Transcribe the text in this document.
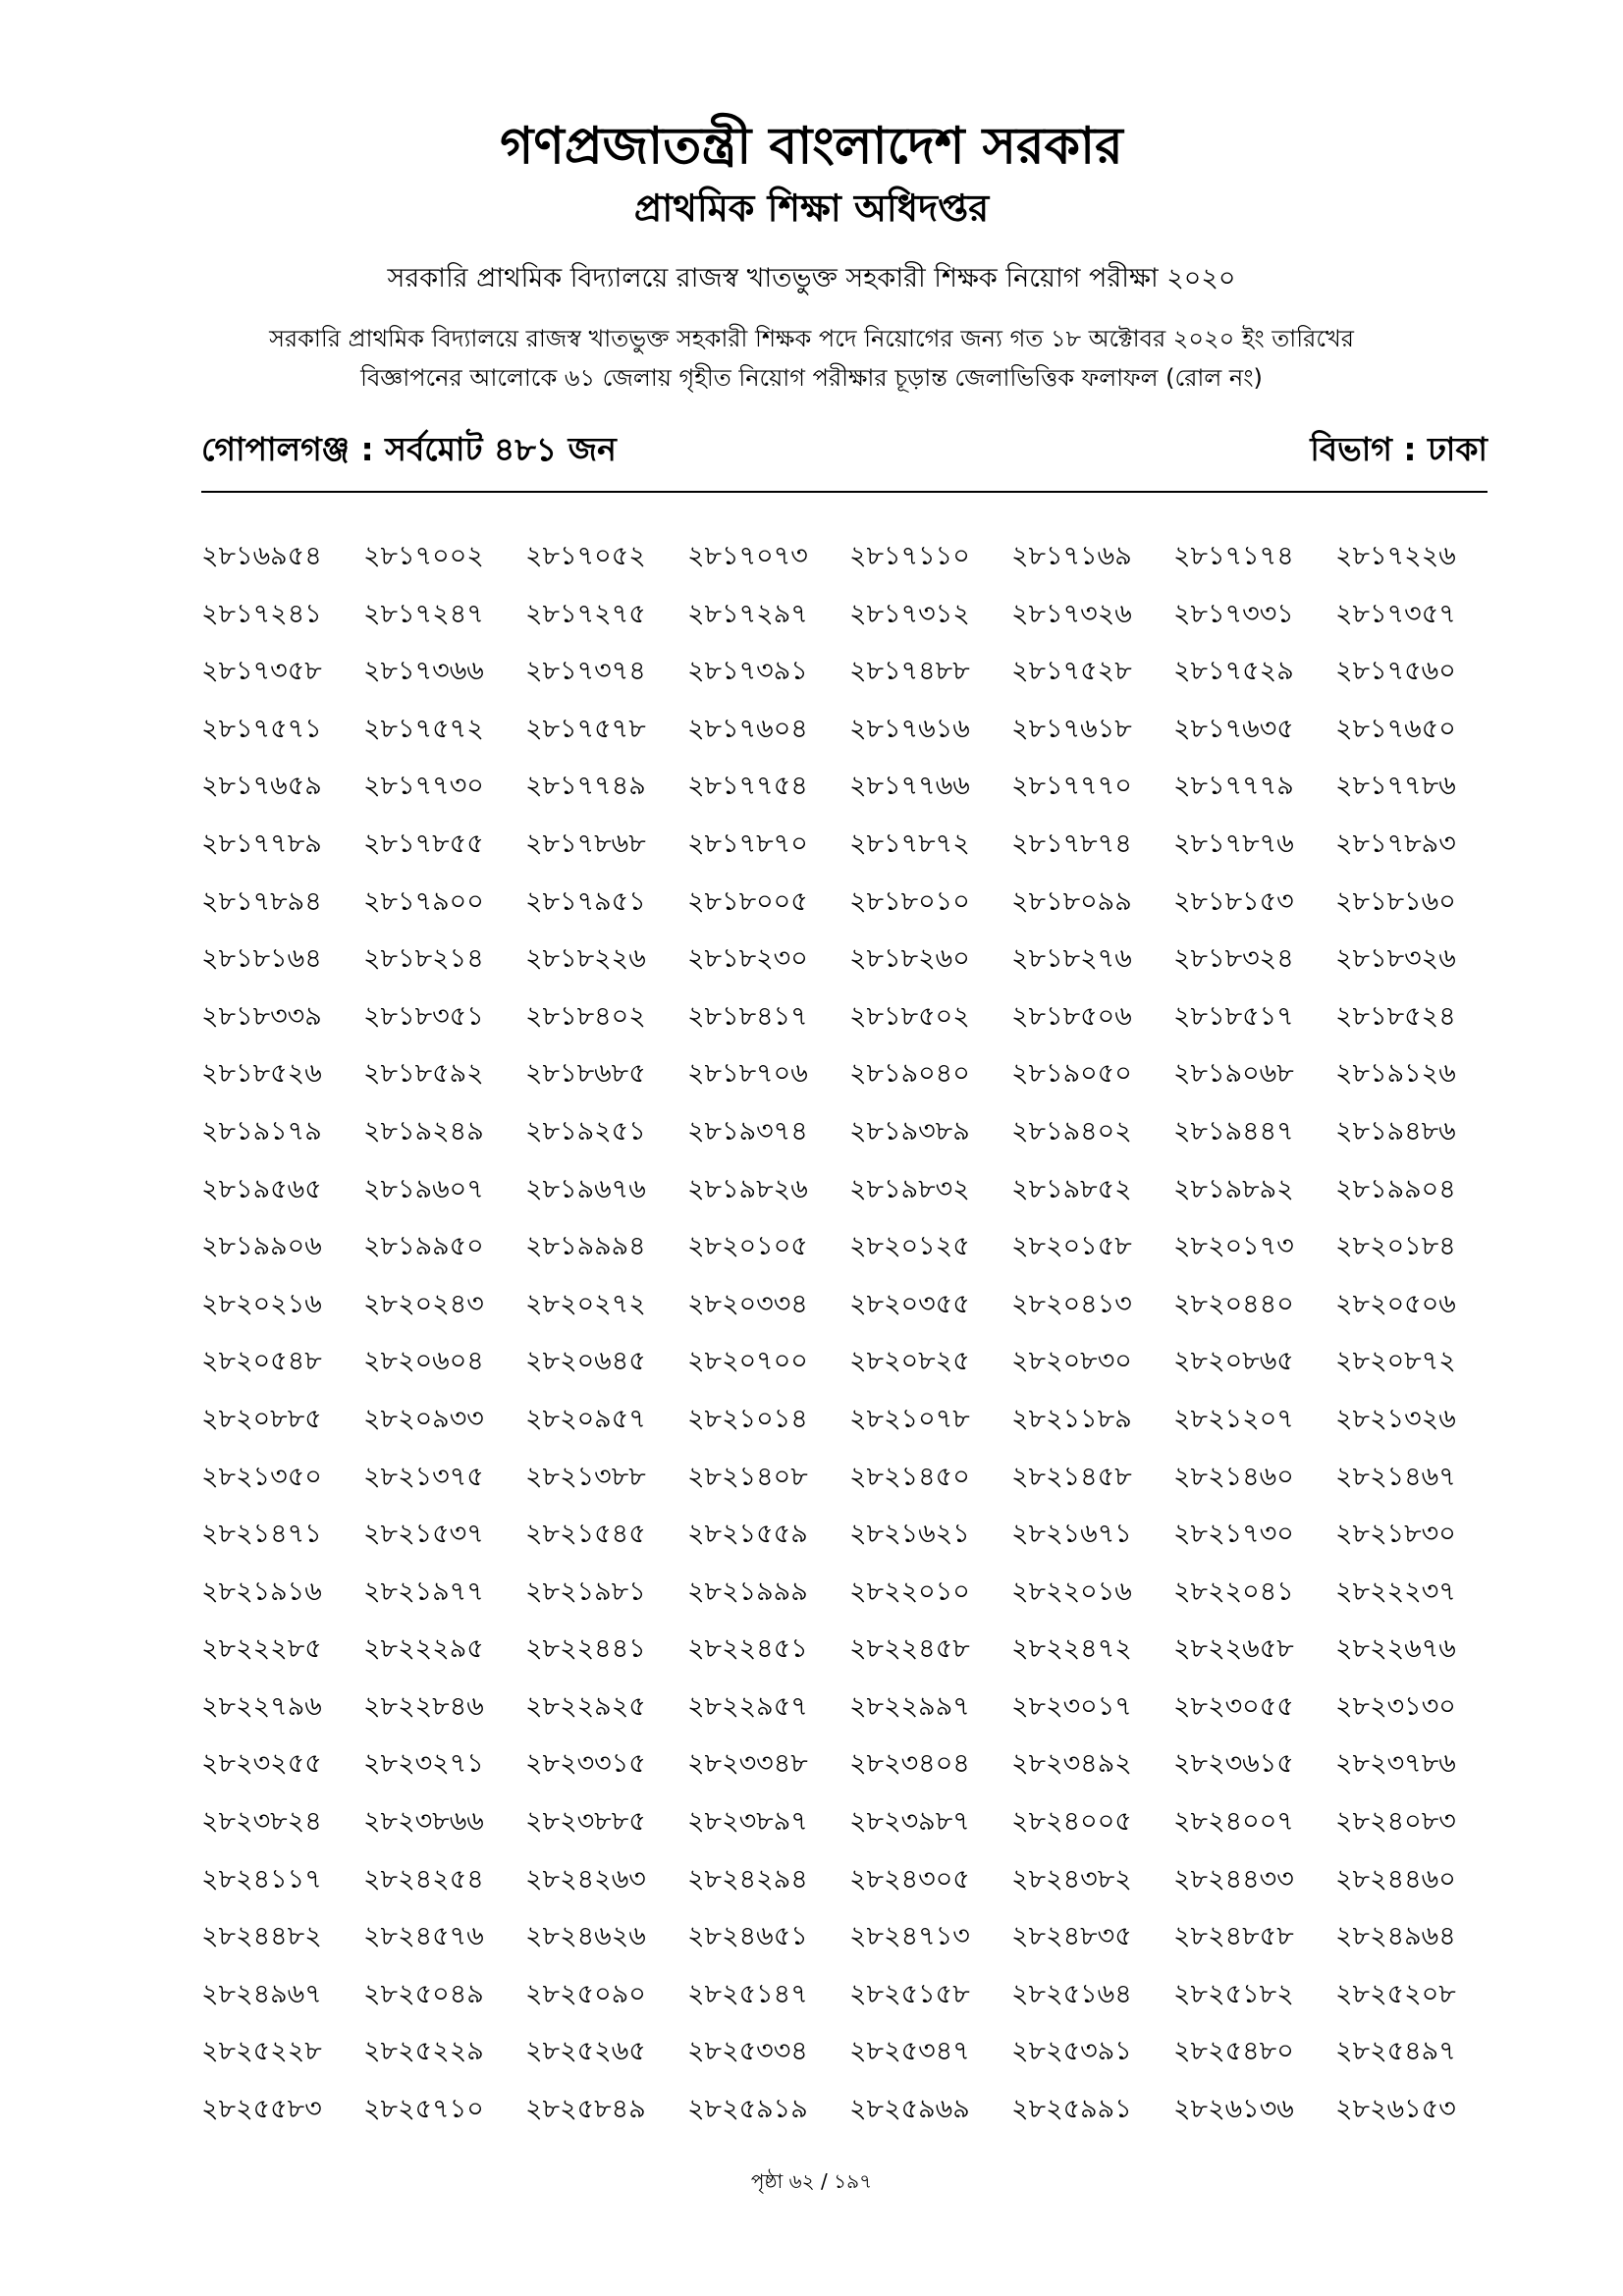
গণপ্রজাতন্ত্রী বাংলাদেশ সরকার
প্রাথমিক শিক্ষা অধিদপ্তর
সরকারি প্রাথমিক বিদ্যালয়ে রাজস্ব খাতভুক্ত সহকারী শিক্ষক নিয়োগ পরীক্ষা ২০২০
সরকারি প্রাথমিক বিদ্যালয়ে রাজস্ব খাতভুক্ত সহকারী শিক্ষক পদে নিয়োগের জন্য গত ১৮ অক্টোবর ২০২০ ইং তারিখের
বিজ্ঞাপনের আলোকে ৬১ জেলায় গৃহীত নিয়োগ পরীক্ষার চূড়ান্ত জেলাভিত্তিক ফলাফল (রোল নং)
গোপালগঞ্জ : সর্বমোট ৪৮১ জন	বিভাগ : ঢাকা
২৮১৬৯৫৪	২৮১৭০০২	২৮১৭০৫২	২৮১৭০৭৩	২৮১৭১১০	২৮১৭১৬৯	২৮১৭১৭৪	২৮১৭২২৬
২৮১৭২৪১	২৮১৭২৪৭	২৮১৭২৭৫	২৮১৭২৯৭	২৮১৭৩১২	২৮১৭৩২৬	২৮১৭৩৩১	২৮১৭৩৫৭
২৮১৭৩৫৮	২৮১৭৩৬৬	২৮১৭৩৭৪	২৮১৭৩৯১	২৮১৭৪৮৮	২৮১৭৫২৮	২৮১৭৫২৯	২৮১৭৫৬০
২৮১৭৫৭১	২৮১৭৫৭২	২৮১৭৫৭৮	২৮১৭৬০৪	২৮১৭৬১৬	২৮১৭৬১৮	২৮১৭৬৩৫	২৮১৭৬৫০
২৮১৭৬৫৯	২৮১৭৭৩০	২৮১৭৭৪৯	২৮১৭৭৫৪	২৮১৭৭৬৬	২৮১৭৭৭০	২৮১৭৭৭৯	২৮১৭৭৮৬
২৮১৭৭৮৯	২৮১৭৮৫৫	২৮১৭৮৬৮	২৮১৭৮৭০	২৮১৭৮৭২	২৮১৭৮৭৪	২৮১৭৮৭৬	২৮১৭৮৯৩
২৮১৭৮৯৪	২৮১৭৯০০	২৮১৭৯৫১	২৮১৮০০৫	২৮১৮০১০	২৮১৮০৯৯	২৮১৮১৫৩	২৮১৮১৬০
২৮১৮১৬৪	২৮১৮২১৪	২৮১৮২২৬	২৮১৮২৩০	২৮১৮২৬০	২৮১৮২৭৬	২৮১৮৩২৪	২৮১৮৩২৬
২৮১৮৩৩৯	২৮১৮৩৫১	২৮১৮৪০২	২৮১৮৪১৭	২৮১৮৫০২	২৮১৮৫০৬	২৮১৮৫১৭	২৮১৮৫২৪
২৮১৮৫২৬	২৮১৮৫৯২	২৮১৮৬৮৫	২৮১৮৭০৬	২৮১৯০৪০	২৮১৯০৫০	২৮১৯০৬৮	২৮১৯১২৬
২৮১৯১৭৯	২৮১৯২৪৯	২৮১৯২৫১	২৮১৯৩৭৪	২৮১৯৩৮৯	২৮১৯৪০২	২৮১৯৪৪৭	২৮১৯৪৮৬
২৮১৯৫৬৫	২৮১৯৬০৭	২৮১৯৬৭৬	২৮১৯৮২৬	২৮১৯৮৩২	২৮১৯৮৫২	২৮১৯৮৯২	২৮১৯৯০৪
২৮১৯৯০৬	২৮১৯৯৫০	২৮১৯৯৯৪	২৮২০১০৫	২৮২০১২৫	২৮২০১৫৮	২৮২০১৭৩	২৮২০১৮৪
২৮২০২১৬	২৮২০২৪৩	২৮২০২৭২	২৮২০৩৩৪	২৮২০৩৫৫	২৮২০৪১৩	২৮২০৪৪০	২৮২০৫০৬
২৮২০৫৪৮	২৮২০৬০৪	২৮২০৬৪৫	২৮২০৭০০	২৮২০৮২৫	২৮২০৮৩০	২৮২০৮৬৫	২৮২০৮৭২
২৮২০৮৮৫	২৮২০৯৩৩	২৮২০৯৫৭	২৮২১০১৪	২৮২১০৭৮	২৮২১১৮৯	২৮২১২০৭	২৮২১৩২৬
২৮২১৩৫০	২৮২১৩৭৫	২৮২১৩৮৮	২৮২১৪০৮	২৮২১৪৫০	২৮২১৪৫৮	২৮২১৪৬০	২৮২১৪৬৭
২৮২১৪৭১	২৮২১৫৩৭	২৮২১৫৪৫	২৮২১৫৫৯	২৮২১৬২১	২৮২১৬৭১	২৮২১৭৩০	২৮২১৮৩০
২৮২১৯১৬	২৮২১৯৭৭	২৮২১৯৮১	২৮২১৯৯৯	২৮২২০১০	২৮২২০১৬	২৮২২০৪১	২৮২২২৩৭
২৮২২২৮৫	২৮২২২৯৫	২৮২২৪৪১	২৮২২৪৫১	২৮২২৪৫৮	২৮২২৪৭২	২৮২২৬৫৮	২৮২২৬৭৬
২৮২২৭৯৬	২৮২২৮৪৬	২৮২২৯২৫	২৮২২৯৫৭	২৮২২৯৯৭	২৮২৩০১৭	২৮২৩০৫৫	২৮২৩১৩০
২৮২৩২৫৫	২৮২৩২৭১	২৮২৩৩১৫	২৮২৩৩৪৮	২৮২৩৪০৪	২৮২৩৪৯২	২৮২৩৬১৫	২৮২৩৭৮৬
২৮২৩৮২৪	২৮২৩৮৬৬	২৮২৩৮৮৫	২৮২৩৮৯৭	২৮২৩৯৮৭	২৮২৪০০৫	২৮২৪০০৭	২৮২৪০৮৩
২৮২৪১১৭	২৮২৪২৫৪	২৮২৪২৬৩	২৮২৪২৯৪	২৮২৪৩০৫	২৮২৪৩৮২	২৮২৪৪৩৩	২৮২৪৪৬০
২৮২৪৪৮২	২৮২৪৫৭৬	২৮২৪৬২৬	২৮২৪৬৫১	২৮২৪৭১৩	২৮২৪৮৩৫	২৮২৪৮৫৮	২৮২৪৯৬৪
২৮২৪৯৬৭	২৮২৫০৪৯	২৮২৫০৯০	২৮২৫১৪৭	২৮২৫১৫৮	২৮২৫১৬৪	২৮২৫১৮২	২৮২৫২০৮
২৮২৫২২৮	২৮২৫২২৯	২৮২৫২৬৫	২৮২৫৩৩৪	২৮২৫৩৪৭	২৮২৫৩৯১	২৮২৫৪৮০	২৮২৫৪৯৭
২৮২৫৫৮৩	২৮২৫৭১০	২৮২৫৮৪৯	২৮২৫৯১৯	২৮২৫৯৬৯	২৮২৫৯৯১	২৮২৬১৩৬	২৮২৬১৫৩
পৃষ্ঠা ৬২ / ১৯৭
